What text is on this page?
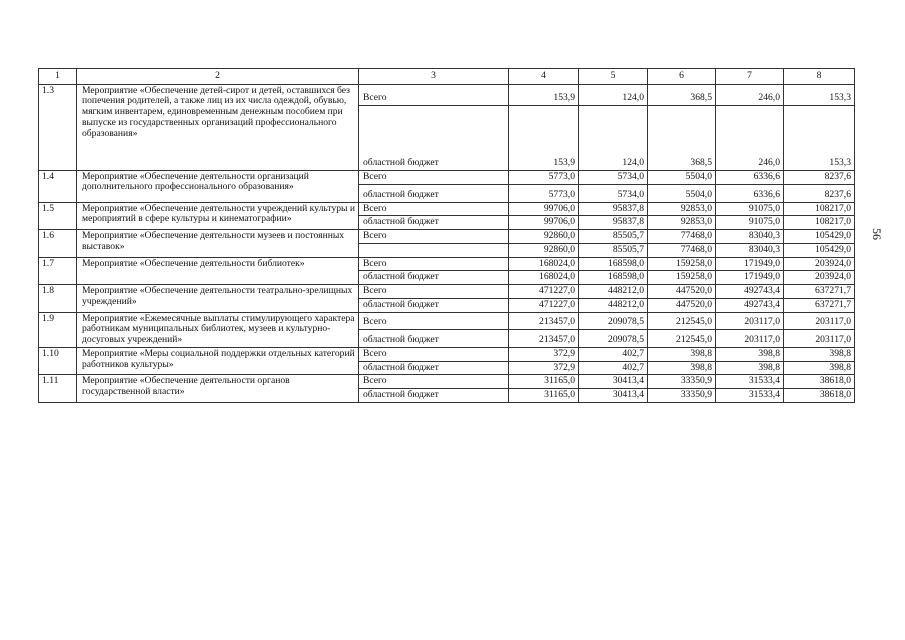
56
1	2	3	4	5	6	7	8
1.3	Мероприятие «Обеспечение детей-сирот и детей, оставшихся без попечения родителей, а также лиц из их числа одеждой, обувью, мягким инвентарем, единовременным денежным пособием при выпуске из государственных организаций профессионального образования»	Всего	153,9	124,0	368,5	246,0	153,3
		областной бюджет	153,9	124,0	368,5	246,0	153,3
1.4	Мероприятие «Обеспечение деятельности организаций дополнительного профессионального образования»	Всего	5773,0	5734,0	5504,0	6336,6	8237,6
		областной бюджет	5773,0	5734,0	5504,0	6336,6	8237,6
1.5	Мероприятие «Обеспечение деятельности учреждений культуры и мероприятий в сфере культуры и кинематографии»	Всего	99706,0	95837,8	92853,0	91075,0	108217,0
		областной бюджет	99706,0	95837,8	92853,0	91075,0	108217,0
1.6	Мероприятие «Обеспечение деятельности музеев и постоянных выставок»	Всего	92860,0	85505,7	77468,0	83040,3	105429,0
			92860,0	85505,7	77468,0	83040,3	105429,0
1.7	Мероприятие «Обеспечение деятельности библиотек»	Всего	168024,0	168598,0	159258,0	171949,0	203924,0
		областной бюджет	168024,0	168598,0	159258,0	171949,0	203924,0
1.8	Мероприятие «Обеспечение деятельности театрально-зрелищных учреждений»	Всего	471227,0	448212,0	447520,0	492743,4	637271,7
		областной бюджет	471227,0	448212,0	447520,0	492743,4	637271,7
1.9	Мероприятие «Ежемесячные выплаты стимулирующего характера работникам муниципальных библиотек, музеев и культурно-досуговых учреждений»	Всего	213457,0	209078,5	212545,0	203117,0	203117,0
		областной бюджет	213457,0	209078,5	212545,0	203117,0	203117,0
1.10	Мероприятие «Меры социальной поддержки отдельных категорий работников культуры»	Всего	372,9	402,7	398,8	398,8	398,8
		областной бюджет	372,9	402,7	398,8	398,8	398,8
1.11	Мероприятие «Обеспечение деятельности органов государственной власти»	Всего	31165,0	30413,4	33350,9	31533,4	38618,0
		областной бюджет	31165,0	30413,4	33350,9	31533,4	38618,0
